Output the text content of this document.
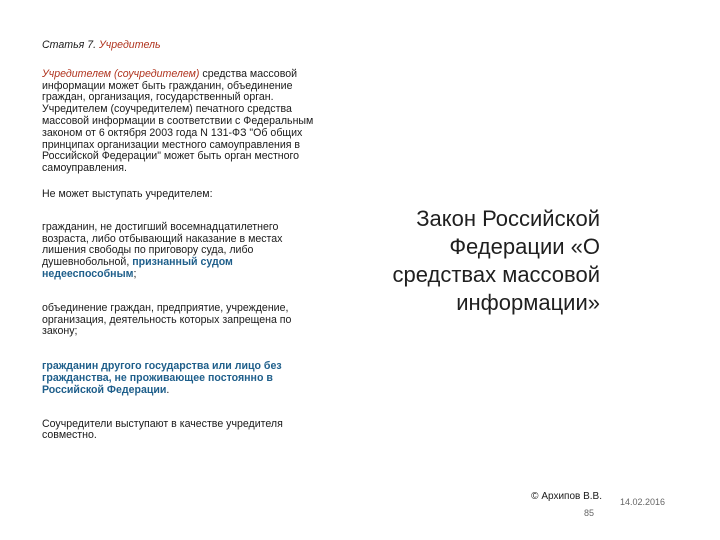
Статья 7. Учредитель

Учредителем (соучредителем) средства массовой информации может быть гражданин, объединение граждан, организация, государственный орган. Учредителем (соучредителем) печатного средства массовой информации в соответствии с Федеральным законом от 6 октября 2003 года N 131-ФЗ "Об общих принципах организации местного самоуправления в Российской Федерации" может быть орган местного самоуправления.

Не может выступать учредителем:

гражданин, не достигший восемнадцатилетнего возраста, либо отбывающий наказание в местах лишения свободы по приговору суда, либо душевнобольной, признанный судом недееспособным;

объединение граждан, предприятие, учреждение, организация, деятельность которых запрещена по закону;

гражданин другого государства или лицо без гражданства, не проживающее постоянно в Российской Федерации.

Соучредители выступают в качестве учредителя совместно.

Закон Российской Федерации «О средствах массовой информации»

© Архипов В.В.
85
14.02.2016
